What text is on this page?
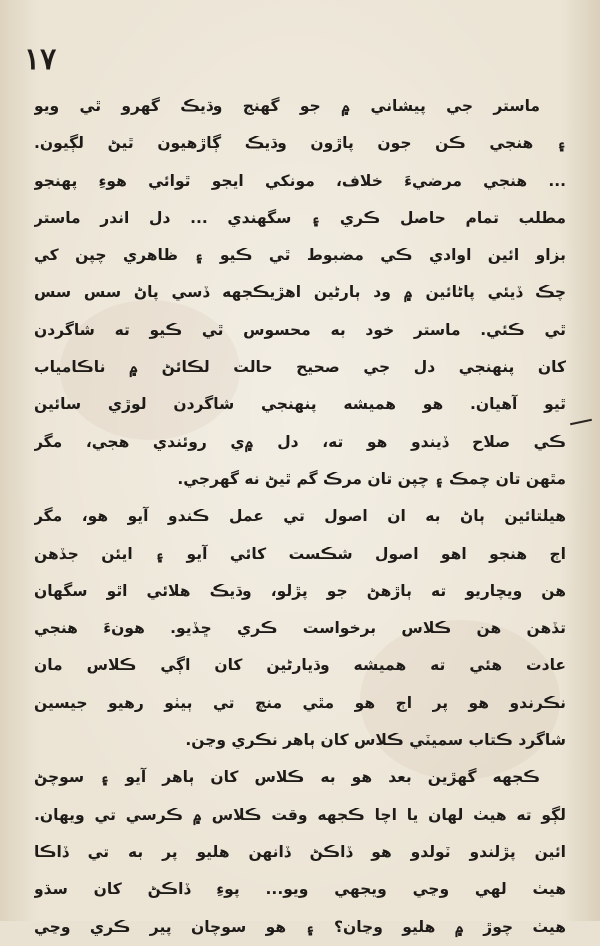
١٧
ماستر جي پيشاني ۾ جو گهنج وڌيڪ گهرو ٿي ويو
۽ هنجي ڪن جون پاڙون وڌيڪ ڳاڙهيون ٿيڻ لڳيون.
... هنجي مرضيءَ خلاف، مونکي ايجو ٿوائي هوءِ پهنجو
مطلب تمام حاصل ڪري ۽ سگهندي ... دل اندر ماستر
بزاو ائين اوادي ڪي مضبوط ٿي ڪيو ۽ ظاهري چپن کي
چڪ ڏيئي پاڻائين ۾ ود ٻارڻين اهڙيڪجهه ڏسي پاڻ سس سس
ٿي ڪئي. ماستر خود به محسوس ٿي ڪيو ته شاگردن
کان پنهنجي دل جي صحيح حالت لڪائڻ ۾ ناڪامياب
ٿيو آهيان. هو هميشه پنهنجي شاگردن لوڙي سائين
ڪي صلاح ڏيندو هو ته، دل ۾ي روئندي هجي، مگر
مٿهن تان چمڪ ۽ چپن تان مرڪ گم ٿيڻ نه گهرجي.
هيلتائين ٻاڻ به ان اصول تي عمل ڪندو آيو هو، مگر
اڄ هنجو اهو اصول شڪست کائي آيو ۽ ايئن جڏهن
هن ويچاريو ته ٻاڙهڻ جو پڙلو، وڌيڪ هلائي اٿو سگهان
تڏهن هن ڪلاس برخواست ڪري ڇڏيو. هونءَ هنجي
عادت هئي ته هميشه وڌيارڻين کان اڳي ڪلاس مان
نڪرندو هو پر اڄ هو مٿي منچ تي ٻيٺو رهيو جيسين
شاگرد ڪتاب سميٽي ڪلاس کان ٻاهر نڪري وڃن.
ڪجهه گهڙين بعد هو به ڪلاس کان ٻاهر آيو ۽ سوچڻ
لڳو ته هيٺ لهان يا اچا ڪجهه وقت ڪلاس ۾ ڪرسي تي ويهان.
ائين پڙلندو ٽولدو هو ڏاڪڻ ڏانهن هليو پر به تي ڏاڪا
هيٺ لهي وڃي ويجهي ويو... پوءِ ڏاڪڻ کان سڌو
هيٺ چوڙ ۾ هليو وڃان؟ ۽ هو سوچان پير ڪري وڃي
